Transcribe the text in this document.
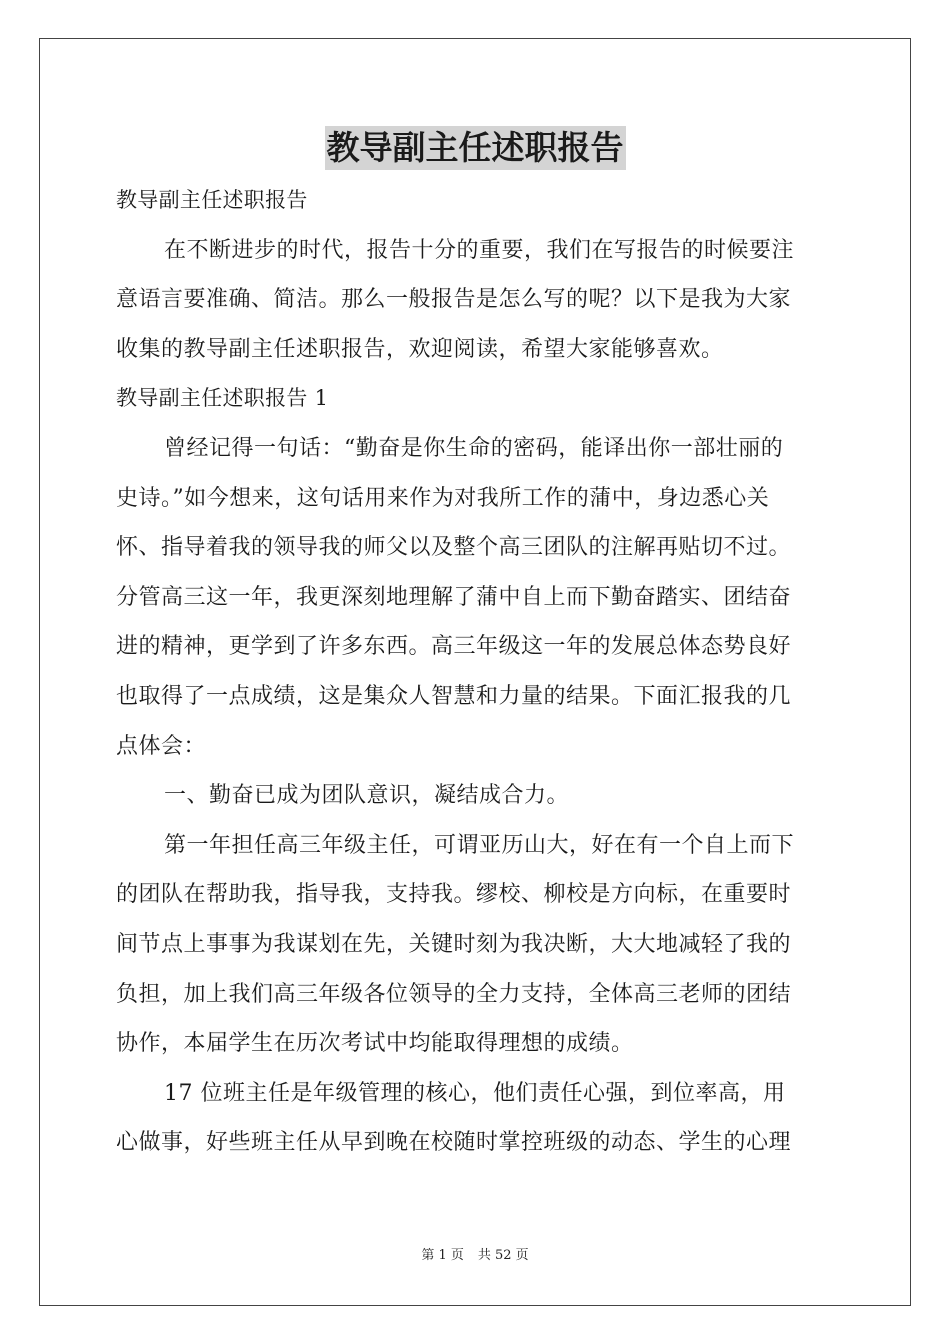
教导副主任述职报告
教导副主任述职报告
在不断进步的时代，报告十分的重要，我们在写报告的时候要注
意语言要准确、简洁。那么一般报告是怎么写的呢？以下是我为大家
收集的教导副主任述职报告，欢迎阅读，希望大家能够喜欢。
教导副主任述职报告 1
曾经记得一句话：“勤奋是你生命的密码，能译出你一部壮丽的
史诗。”如今想来，这句话用来作为对我所工作的蒲中，身边悉心关
怀、指导着我的领导我的师父以及整个高三团队的注解再贴切不过。
分管高三这一年，我更深刻地理解了蒲中自上而下勤奋踏实、团结奋
进的精神，更学到了许多东西。高三年级这一年的发展总体态势良好
也取得了一点成绩，这是集众人智慧和力量的结果。下面汇报我的几
点体会：
一、勤奋已成为团队意识，凝结成合力。
第一年担任高三年级主任，可谓亚历山大，好在有一个自上而下
的团队在帮助我，指导我，支持我。缪校、柳校是方向标，在重要时
间节点上事事为我谋划在先，关键时刻为我决断，大大地减轻了我的
负担，加上我们高三年级各位领导的全力支持，全体高三老师的团结
协作，本届学生在历次考试中均能取得理想的成绩。
17 位班主任是年级管理的核心，他们责任心强，到位率高，用
心做事，好些班主任从早到晚在校随时掌控班级的动态、学生的心理
第 1 页 共 52 页
